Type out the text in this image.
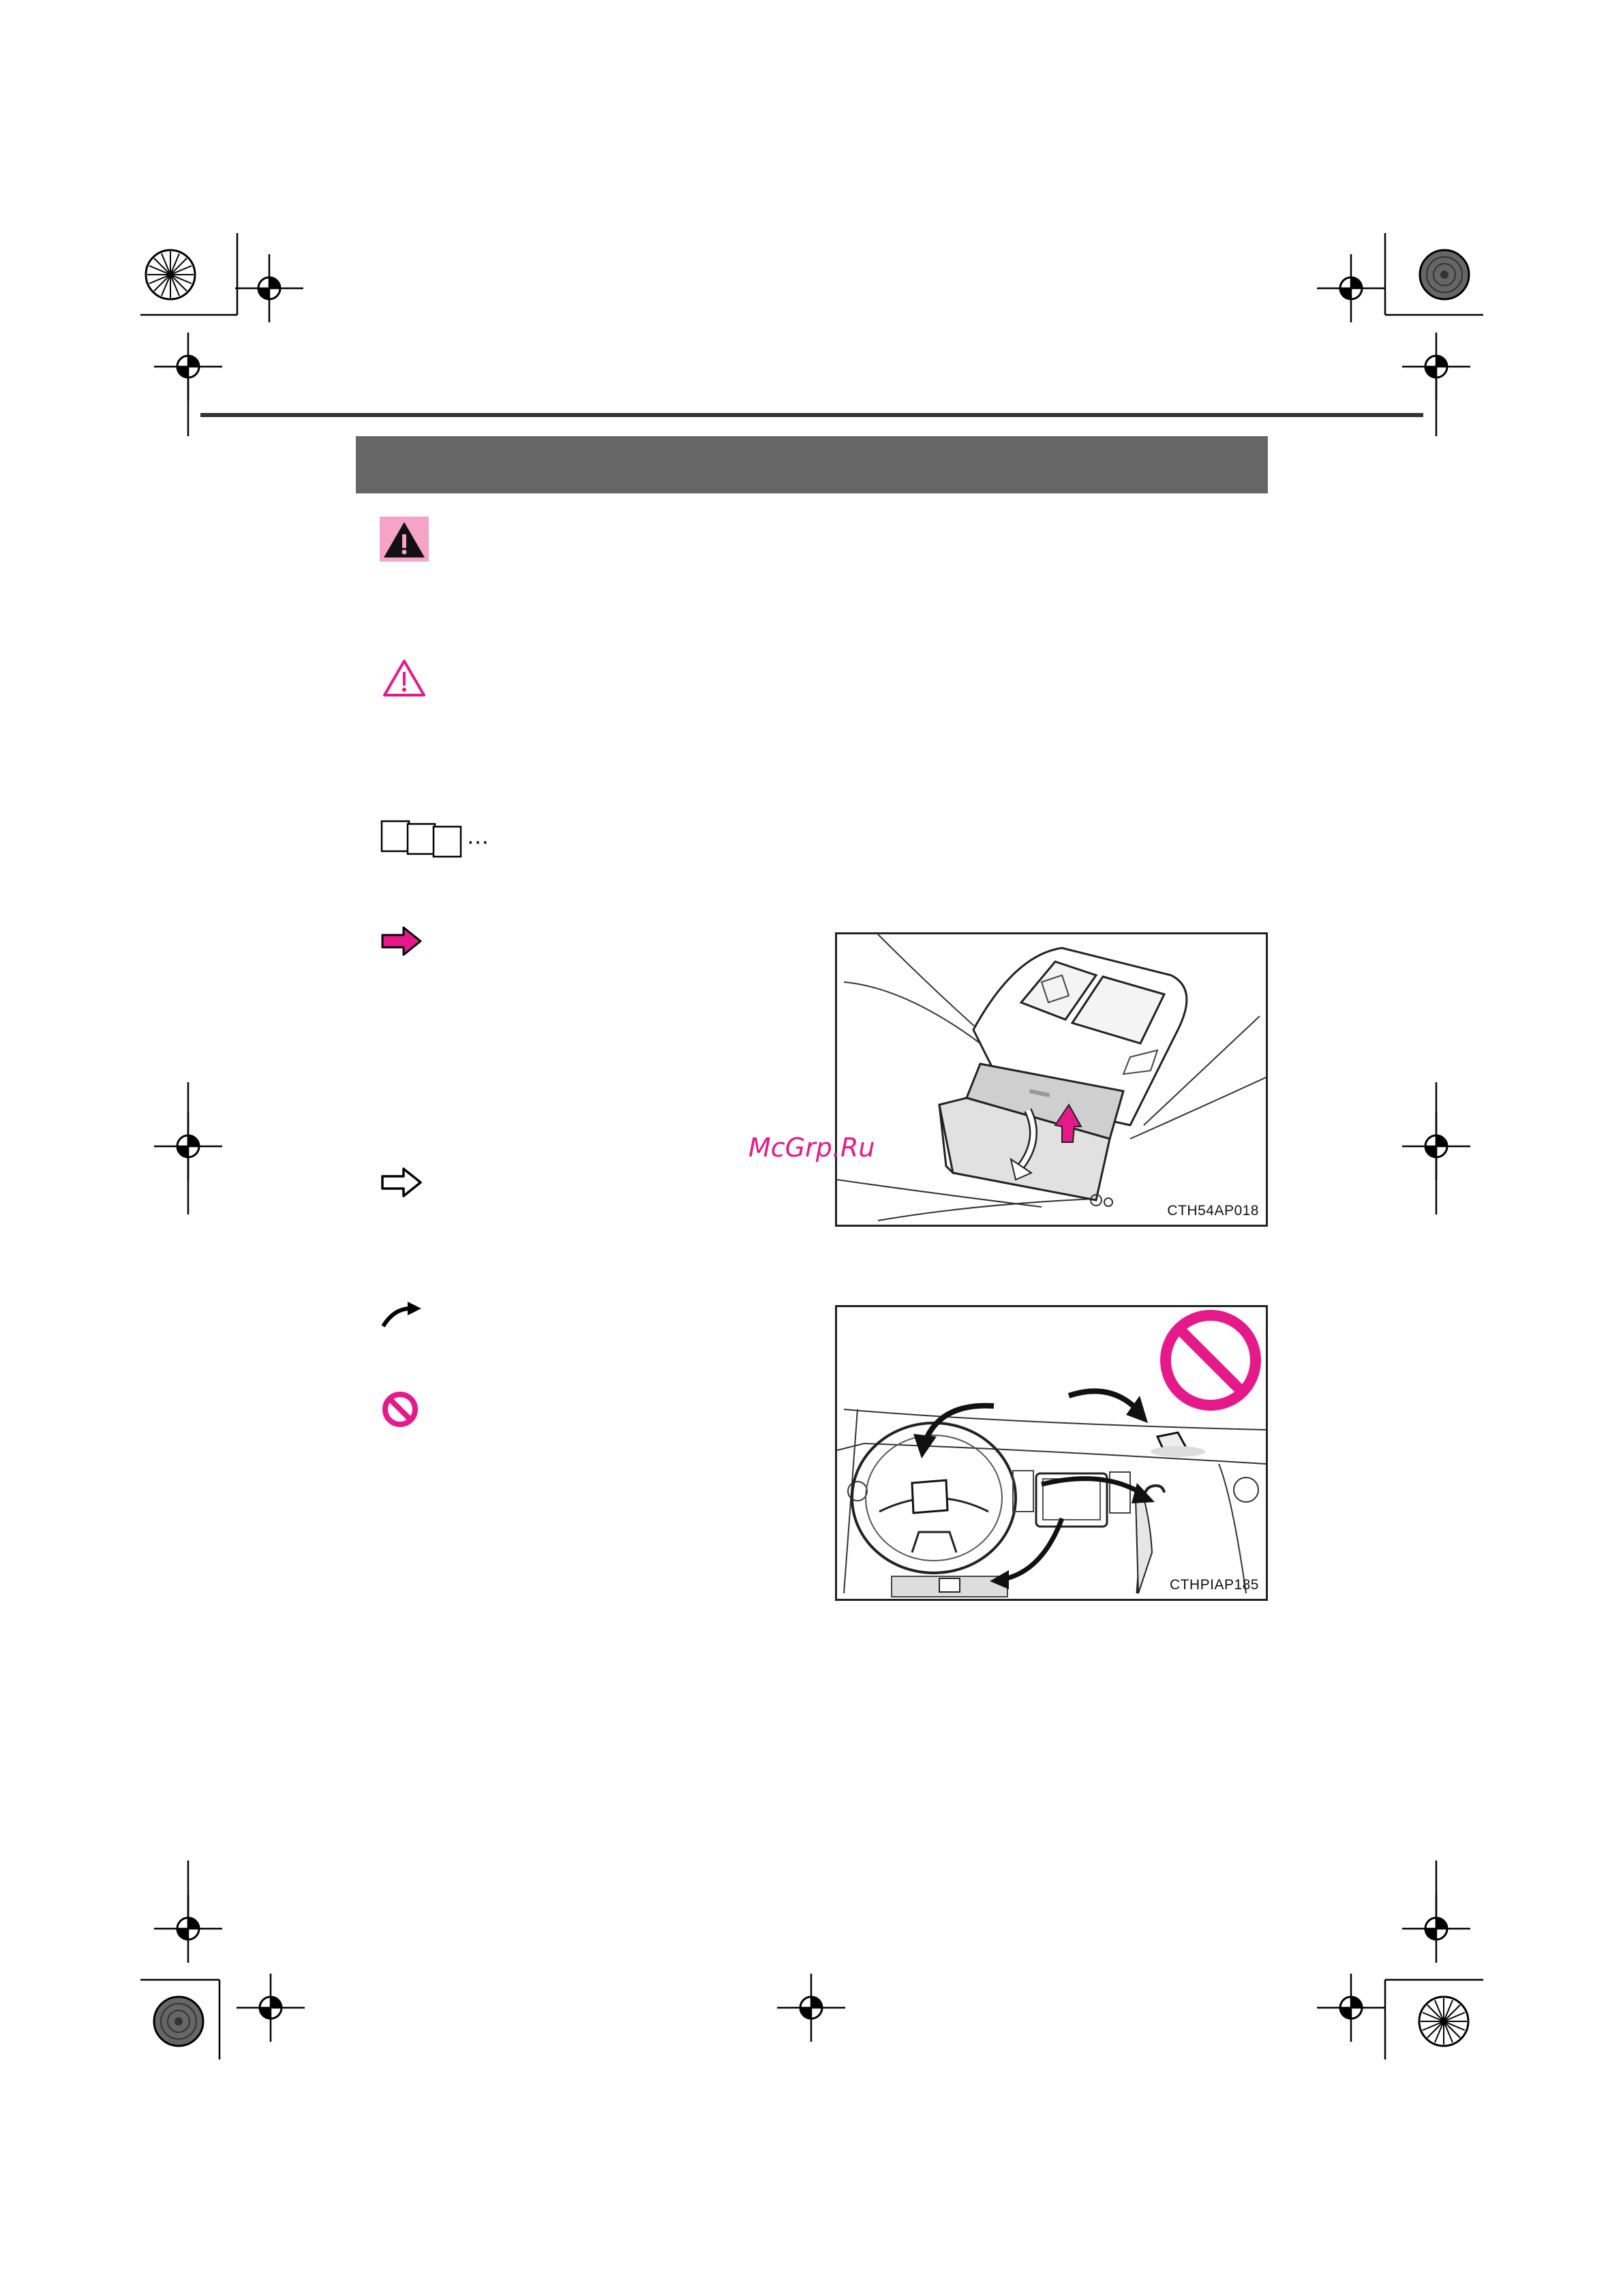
…
CTH54AP018
CTHPIAP185
McGrp.Ru
